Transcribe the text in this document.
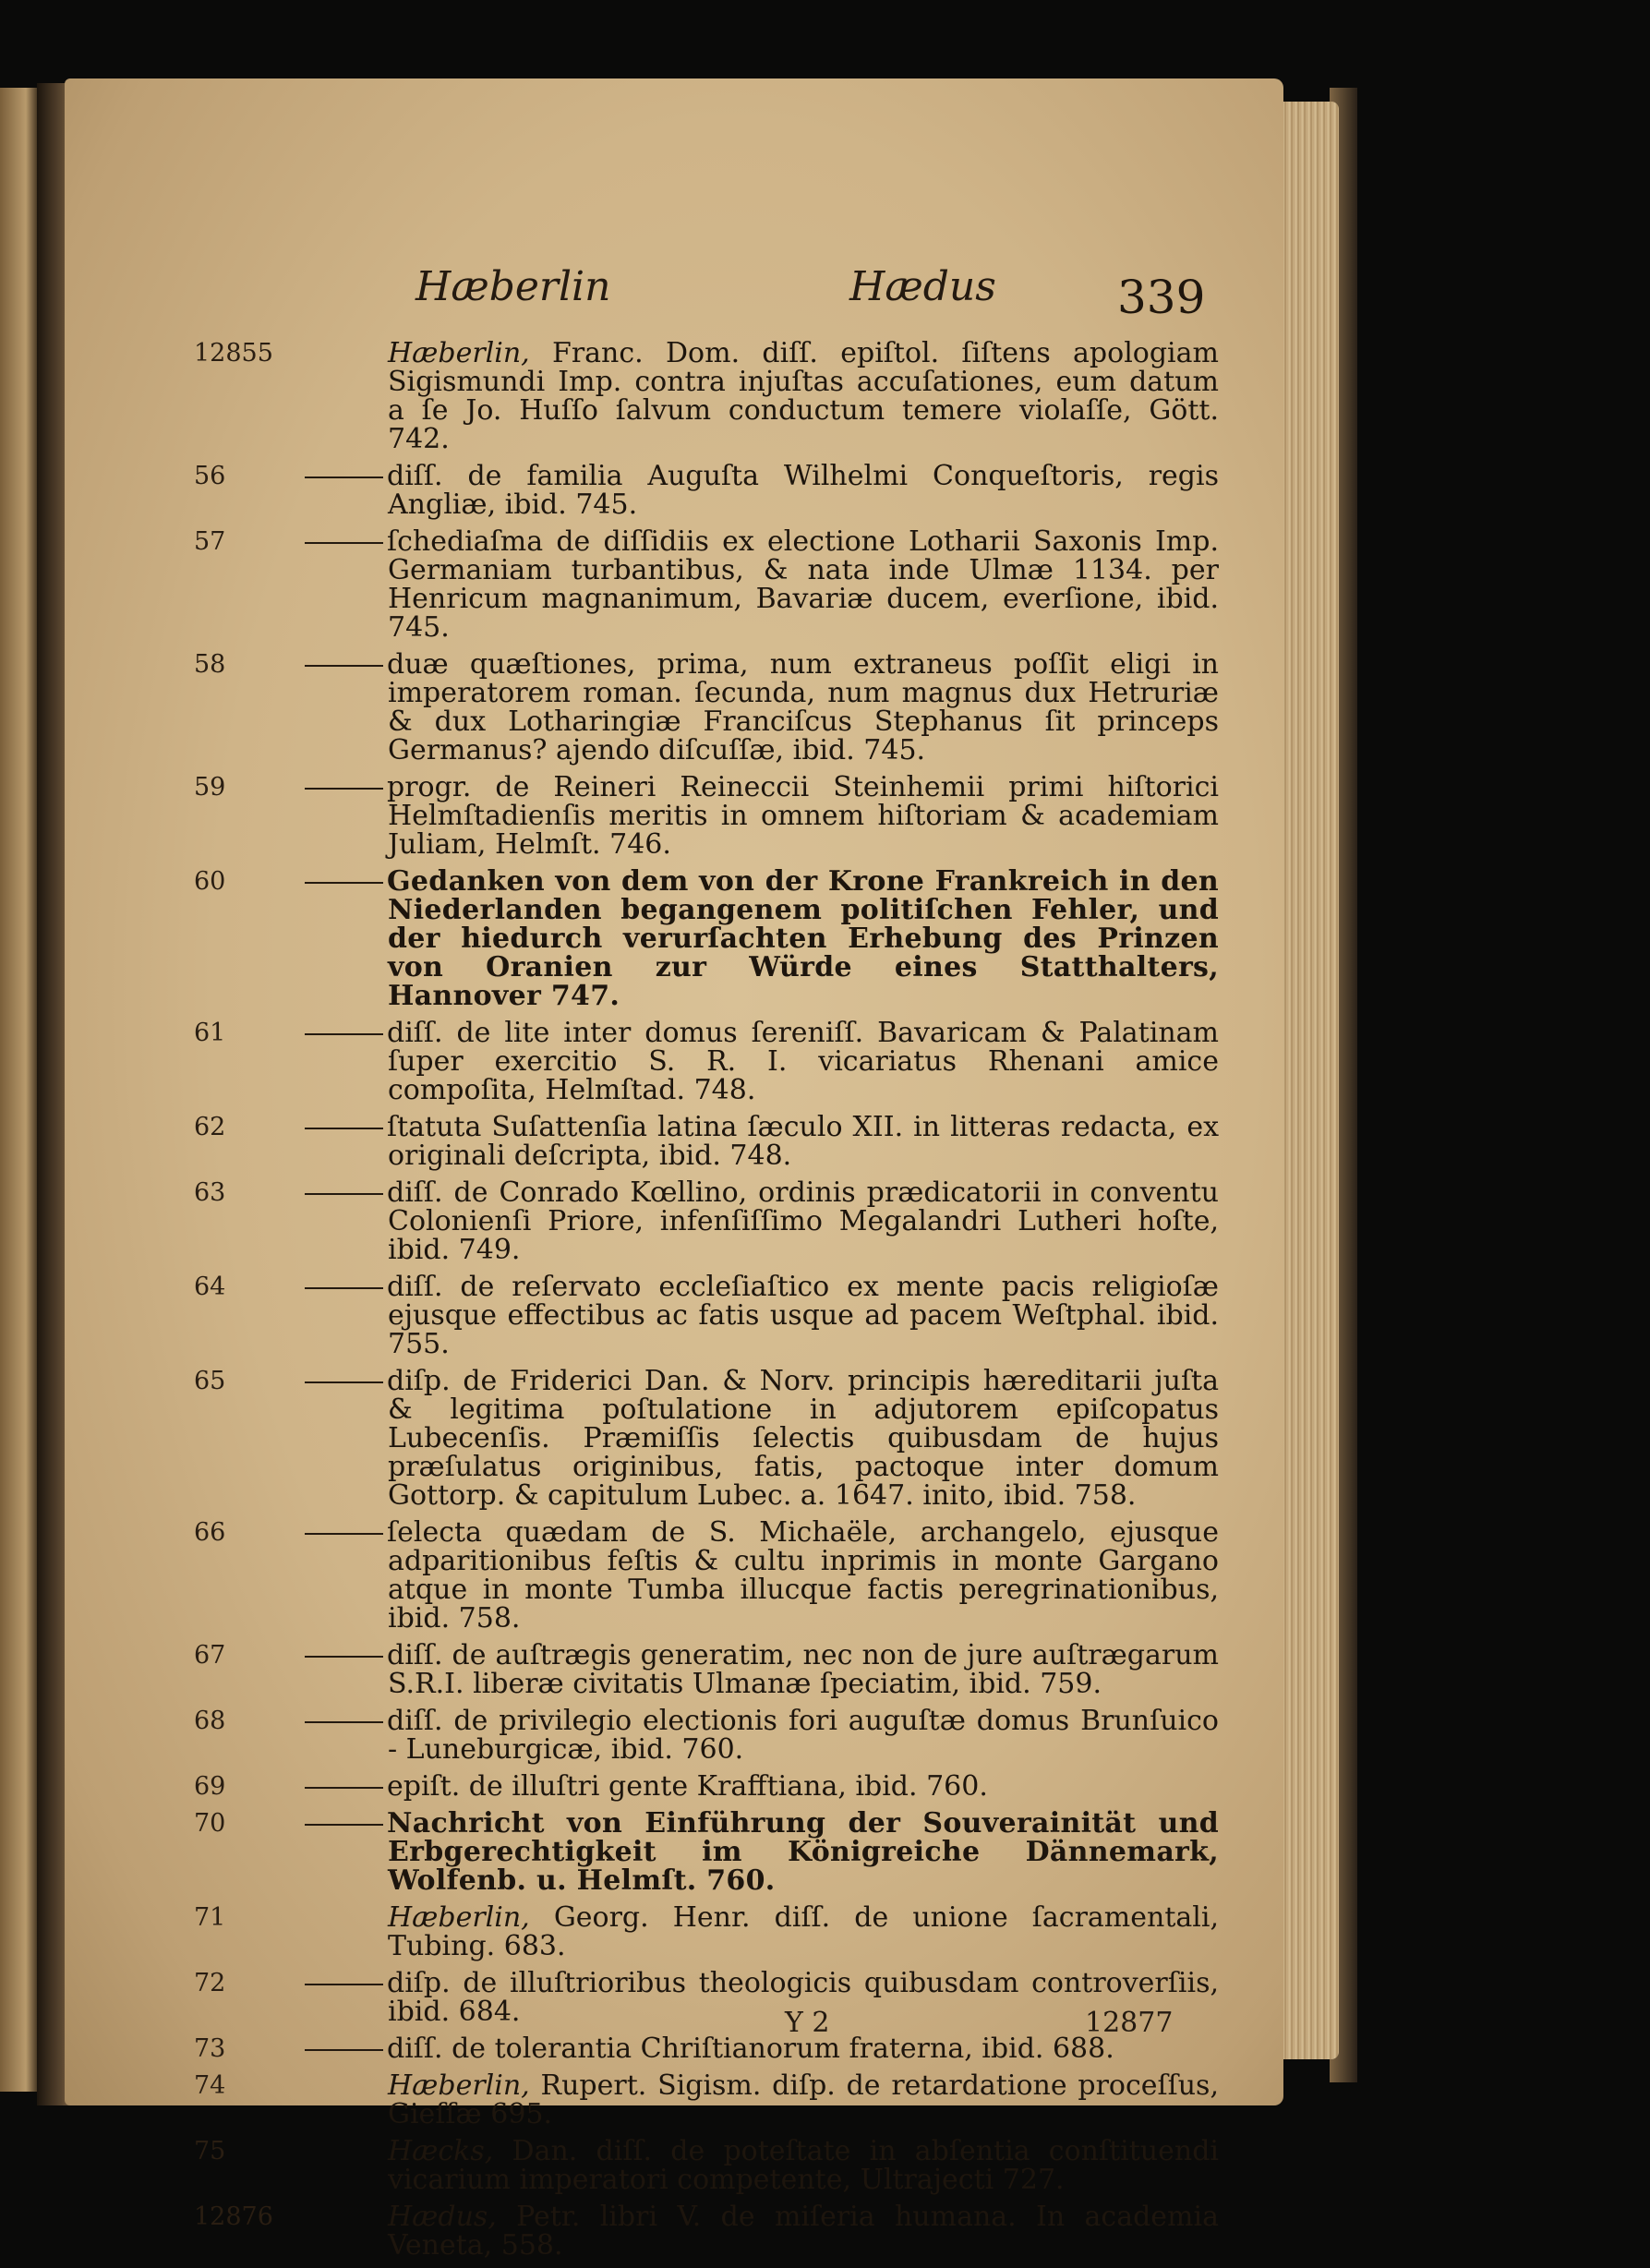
Hæberlin	Hædus	339
12855	Hæberlin, Franc. Dom. diſſ. epiſtol. ſiſtens apologiam Sigismundi Imp. contra injuſtas accuſationes, eum datum a ſe Jo. Huſſo ſalvum conductum temere violaſſe, Gött. 742.
56	diſſ. de familia Auguſta Wilhelmi Conqueſtoris, regis Angliæ, ibid. 745.
57	ſchediaſma de diſſidiis ex electione Lotharii Saxonis Imp. Germaniam turbantibus, & nata inde Ulmæ 1134. per Henricum magnanimum, Bavariæ ducem, everſione, ibid. 745.
58	duæ quæſtiones, prima, num extraneus poſſit eligi in imperatorem roman. ſecunda, num magnus dux Hetruriæ & dux Lotharingiæ Franciſcus Stephanus ſit princeps Germanus? ajendo diſcuſſæ, ibid. 745.
59	progr. de Reineri Reineccii Steinhemii primi hiſtorici Helmſtadienſis meritis in omnem hiſtoriam & academiam Juliam, Helmſt. 746.
60	Gedanken von dem von der Krone Frankreich in den Niederlanden begangenem politiſchen Fehler, und der hiedurch verurſachten Erhebung des Prinzen von Oranien zur Würde eines Statthalters, Hannover 747.
61	diſſ. de lite inter domus ſereniſſ. Bavaricam & Palatinam ſuper exercitio S. R. I. vicariatus Rhenani amice compoſita, Helmſtad. 748.
62	ſtatuta Suſattenſia latina ſæculo XII. in litteras redacta, ex originali deſcripta, ibid. 748.
63	diſſ. de Conrado Kœllino, ordinis prædicatorii in conventu Colonienſi Priore, infenſiſſimo Megalandri Lutheri hoſte, ibid. 749.
64	diſſ. de reſervato eccleſiaſtico ex mente pacis religioſæ ejusque effectibus ac fatis usque ad pacem Weſtphal. ibid. 755.
65	diſp. de Friderici Dan. & Norv. principis hæreditarii juſta & legitima poſtulatione in adjutorem epiſcopatus Lubecenſis. Præmiſſis ſelectis quibusdam de hujus præſulatus originibus, fatis, pactoque inter domum Gottorp. & capitulum Lubec. a. 1647. inito, ibid. 758.
66	ſelecta quædam de S. Michaële, archangelo, ejusque adparitionibus feſtis & cultu inprimis in monte Gargano atque in monte Tumba illucque factis peregrinationibus, ibid. 758.
67	diſſ. de auſtrægis generatim, nec non de jure auſtrægarum S.R.I. liberæ civitatis Ulmanæ ſpeciatim, ibid. 759.
68	diſſ. de privilegio electionis fori auguſtæ domus Brunſuico - Luneburgicæ, ibid. 760.
69	epiſt. de illuſtri gente Krafftiana, ibid. 760.
70	Nachricht von Einführung der Souverainität und Erbgerechtigkeit im Königreiche Dännemark, Wolfenb. u. Helmſt. 760.
71	Hæberlin, Georg. Henr. diſſ. de unione ſacramentali, Tubing. 683.
72	diſp. de illuſtrioribus theologicis quibusdam controverſiis, ibid. 684.
73	diſſ. de tolerantia Chriſtianorum fraterna, ibid. 688.
74	Hæberlin, Rupert. Sigism. diſp. de retardatione proceſſus, Gieſſæ 695.
75	Hæcks, Dan. diſſ. de poteſtate in abſentia conſtituendi vicarium imperatori competente, Ultrajecti 727.
12876	Hædus, Petr. libri V. de miſeria humana. In academia Veneta, 558.
Y 2	12877
